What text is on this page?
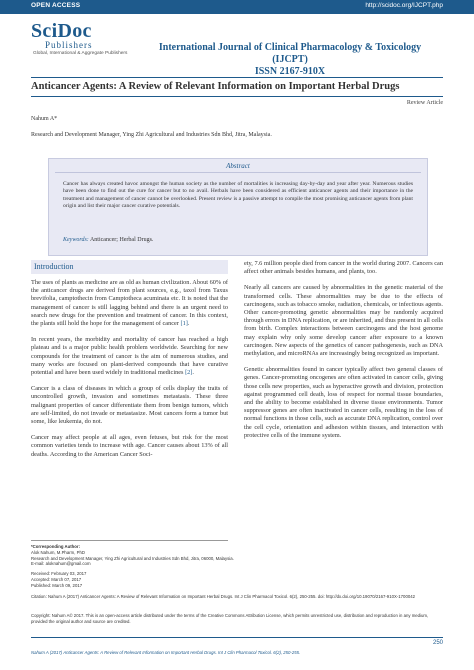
OPEN ACCESS	http://scidoc.org/IJCPT.php
SciDoc
Publishers
Global, International & Aggregate Publishers
International Journal of Clinical Pharmacology & Toxicology (IJCPT)
ISSN 2167-910X
Anticancer Agents: A Review of Relevant Information on Important Herbal Drugs
Review Article
Nahum A*
Research and Development Manager, Ying Zhi Agricultural and Industries Sdn Bhd, Jitra, Malaysia.
Abstract
Cancer has always created havoc amongst the human society as the number of mortalities is increasing day-by-day and year after year. Numerous studies have been done to find out the cure for cancer but to no avail. Herbals have been considered as efficient anticancer agents and their importance in the treatment and management of cancer cannot be overlooked. Present review is a passive attempt to compile the most promising anticancer agents from plant origin and list their major cancer curative potentials.
Keywords: Anticancer; Herbal Drugs.
Introduction

The uses of plants as medicine are as old as human civilization. About 60% of the anticancer drugs are derived from plant sources, e.g., taxol from Taxus brevifolia, camptothecin from Camptotheca acuminata etc. It is noted that the management of cancer is still lagging behind and there is an urgent need to search new drugs for the prevention and treatment of cancer. In this context, the plants still hold the hope for the management of cancer [1].

In recent years, the morbidity and mortality of cancer has reached a high plateau and is a major public health problem worldwide. Searching for new compounds for the treatment of cancer is the aim of numerous studies, and many works are focused on plant-derived compounds that have curative potential and have been used widely in traditional medicines [2].

Cancer is a class of diseases in which a group of cells display the traits of uncontrolled growth, invasion and sometimes metastasis. These three malignant properties of cancer differentiate them from benign tumors, which are self-limited, do not invade or metastasize. Most cancers form a tumor but some, like leukemia, do not.

Cancer may affect people at all ages, even fetuses, but risk for the most common varieties tends to increase with age. Cancer causes about 13% of all deaths. According to the American Cancer Soci-

ety, 7.6 million people died from cancer in the world during 2007. Cancers can affect other animals besides humans, and plants, too.

Nearly all cancers are caused by abnormalities in the genetic material of the transformed cells. These abnormalities may be due to the effects of carcinogens, such as tobacco smoke, radiation, chemicals, or infectious agents. Other cancer-promoting genetic abnormalities may be randomly acquired through errors in DNA replication, or are inherited, and thus present in all cells from birth. Complex interactions between carcinogens and the host genome may explain why only some develop cancer after exposure to a known carcinogen. New aspects of the genetics of cancer pathogenesis, such as DNA methylation, and microRNAs are increasingly being recognized as important.

Genetic abnormalities found in cancer typically affect two general classes of genes. Cancer-promoting oncogenes are often activated in cancer cells, giving those cells new properties, such as hyperactive growth and division, protection against programmed cell death, loss of respect for normal tissue boundaries, and the ability to become established in diverse tissue environments. Tumor suppressor genes are often inactivated in cancer cells, resulting in the loss of normal functions in those cells, such as accurate DNA replication, control over the cell cycle, orientation and adhesion within tissues, and interaction with protective cells of the immune system.

*Corresponding Author:
Alok Nahum, M.Pharm, PhD
Research and Development Manager, Ying Zhi Agricultural and Industries Sdn Bhd, Jitra, 06000, Malaysia.
E-mail: aloknahum@gmail.com
Received: February 03, 2017
Accepted: March 07, 2017
Published: March 09, 2017
Citation: Nahum A (2017) Anticancer Agents: A Review of Relevant Information on Important Herbal Drugs. Int J Clin Pharmacol Toxicol. 6(2), 250-255. doi: http://dx.doi.org/10.19070/2167-910X-1700042
Copyright: Nahum A© 2017. This is an open-access article distributed under the terms of the Creative Commons Attribution License, which permits unrestricted use, distribution and reproduction in any medium, provided the original author and source are credited.
Nahum A (2017) Anticancer Agents: A Review of Relevant Information on Important Herbal Drugs. Int J Clin Pharmacol Toxicol. 6(2), 250-255.
250
